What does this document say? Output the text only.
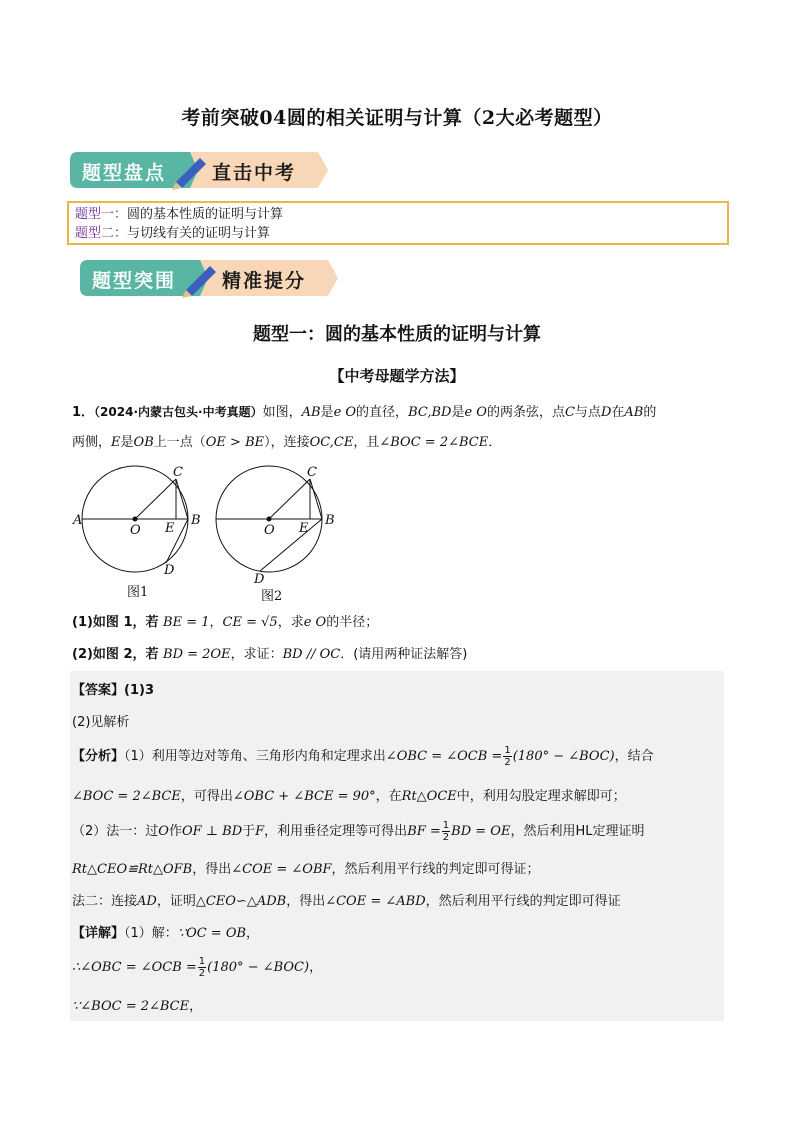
考前突破04圆的相关证明与计算（2大必考题型）
题型盘点 直击中考
题型一：圆的基本性质的证明与计算
题型二：与切线有关的证明与计算
题型突围 精准提分
题型一：圆的基本性质的证明与计算
【中考母题学方法】
1．（2024·内蒙古包头·中考真题）如图，AB是e O的直径，BC,BD是e O的两条弦，点C与点D在AB的
两侧，E是OB上一点（OE > BE），连接OC,CE，且∠BOC = 2∠BCE．
A	B
C
D
E
O
图1
B
C
D
E
O
图2
(1)如图 1，若 BE = 1，CE = √5，求e O的半径；
(2)如图 2，若 BD = 2OE，求证：BD // OC．(请用两种证法解答)
【答案】(1)3
(2)见解析
【分析】（1）利用等边对等角、三角形内角和定理求出∠OBC = ∠OCB = $\frac{1}{2} (180^\circ$ − ∠BOC)，结合
∠BOC = 2∠BCE，可得出∠OBC + ∠BCE = 90°，在Rt△OCE中，利用勾股定理求解即可；
（2）法一：过O作OF ⊥ BD于F，利用垂径定理等可得出BF = $\frac{1}{2}$ BD = OE，然后利用HL定理证明
Rt△CEO≌Rt△OFB，得出∠COE = ∠OBF，然后利用平行线的判定即可得证；
法二：连接AD，证明△CEO∽△ADB，得出∠COE = ∠ABD，然后利用平行线的判定即可得证
【详解】（1）解：∵OC = OB，
∴∠OBC = ∠OCB = $\frac{1}{2} (180^\circ$ − ∠BOC)，
∵∠BOC = 2∠BCE，
